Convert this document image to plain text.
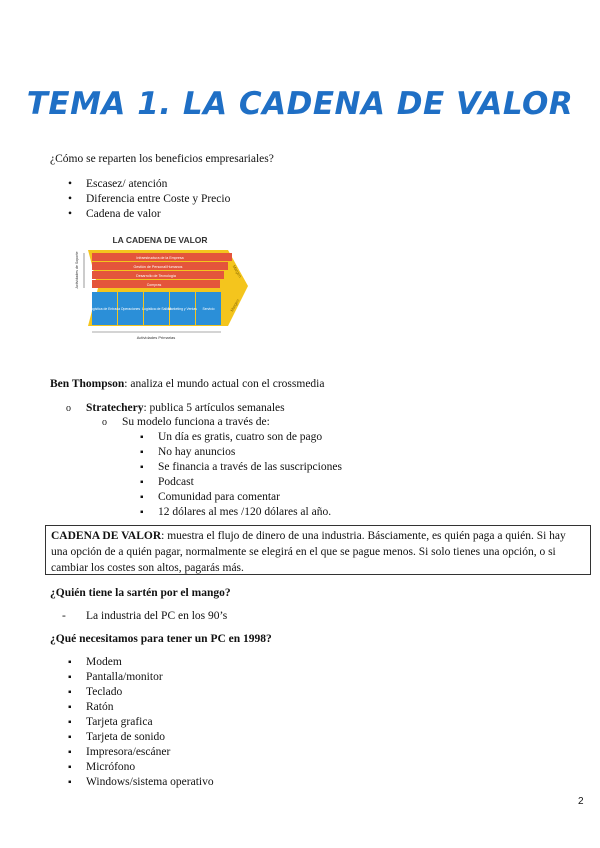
TEMA 1. LA CADENA DE VALOR
¿Cómo se reparten los beneficios empresariales?
• Escasez/ atención
• Diferencia entre Coste y Precio
• Cadena de valor
LA CADENA DE VALOR
Infraestructura de la Empresa
Gestión de Personal/Humanos
Desarrollo de Tecnología
Compras
Logística de Entrada Operaciones Logística de Salida
Marketing y Ventas Servicio
Margen
Margen
Actividades de Soporte
Actividades Primarias
Ben Thompson: analiza el mundo actual con el crossmedia
o Stratechery: publica 5 artículos semanales
o Su modelo funciona a través de:
▪ Un día es gratis, cuatro son de pago
▪ No hay anuncios
▪ Se financia a través de las suscripciones
▪ Podcast
▪ Comunidad para comentar
▪ 12 dólares al mes /120 dólares al año.
CADENA DE VALOR: muestra el flujo de dinero de una industria. Básciamente, es quién paga a quién. Si hay una opción de a quién pagar, normalmente se elegirá en el que se pague menos. Si solo tienes una opción, o si cambiar los costes son altos, pagarás más.
¿Quién tiene la sartén por el mango?
- La industria del PC en los 90’s
¿Qué necesitamos para tener un PC en 1998?
▪ Modem
▪ Pantalla/monitor
▪ Teclado
▪ Ratón
▪ Tarjeta grafica
▪ Tarjeta de sonido
▪ Impresora/escáner
▪ Micrófono
▪ Windows/sistema operativo
2
